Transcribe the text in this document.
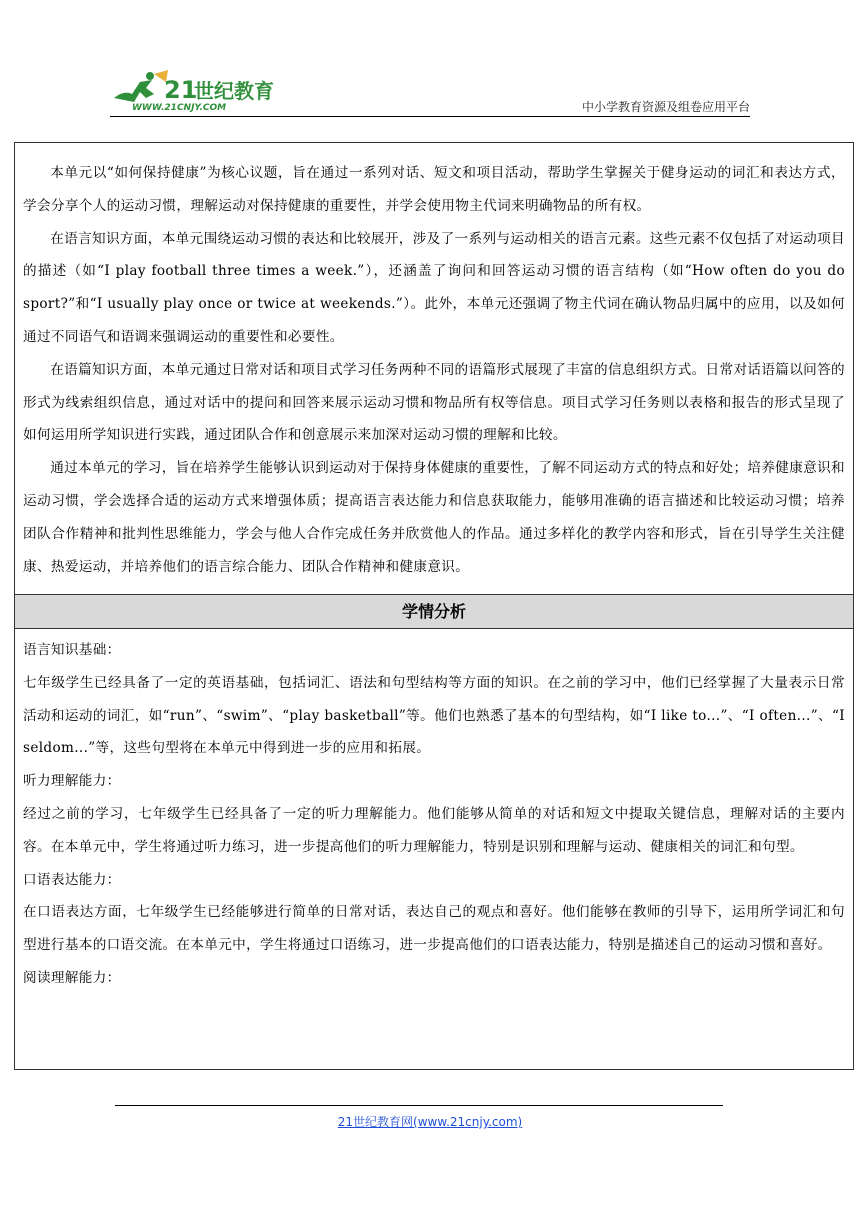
21
世纪教育
WWW.21CNJY.COM	中小学教育资源及组卷应用平台

本单元以“如何保持健康”为核心议题，旨在通过一系列对话、短文和项目活动，帮助学生掌握关于健身运动的词汇和表达方式，学会分享个人的运动习惯，理解运动对保持健康的重要性，并学会使用物主代词来明确物品的所有权。

在语言知识方面，本单元围绕运动习惯的表达和比较展开，涉及了一系列与运动相关的语言元素。这些元素不仅包括了对运动项目的描述（如“I play football three times a week.”），还涵盖了询问和回答运动习惯的语言结构（如“How often do you do sport?”和“I usually play once or twice at weekends.”）。此外，本单元还强调了物主代词在确认物品归属中的应用，以及如何通过不同语气和语调来强调运动的重要性和必要性。

在语篇知识方面，本单元通过日常对话和项目式学习任务两种不同的语篇形式展现了丰富的信息组织方式。日常对话语篇以问答的形式为线索组织信息，通过对话中的提问和回答来展示运动习惯和物品所有权等信息。项目式学习任务则以表格和报告的形式呈现了如何运用所学知识进行实践，通过团队合作和创意展示来加深对运动习惯的理解和比较。

通过本单元的学习，旨在培养学生能够认识到运动对于保持身体健康的重要性，了解不同运动方式的特点和好处；培养健康意识和运动习惯，学会选择合适的运动方式来增强体质；提高语言表达能力和信息获取能力，能够用准确的语言描述和比较运动习惯；培养团队合作精神和批判性思维能力，学会与他人合作完成任务并欣赏他人的作品。通过多样化的教学内容和形式，旨在引导学生关注健康、热爱运动，并培养他们的语言综合能力、团队合作精神和健康意识。

学情分析

语言知识基础：

七年级学生已经具备了一定的英语基础，包括词汇、语法和句型结构等方面的知识。在之前的学习中，他们已经掌握了大量表示日常活动和运动的词汇，如“run”、“swim”、“play basketball”等。他们也熟悉了基本的句型结构，如“I like to...”、“I often...”、“I seldom...”等，这些句型将在本单元中得到进一步的应用和拓展。

听力理解能力：

经过之前的学习，七年级学生已经具备了一定的听力理解能力。他们能够从简单的对话和短文中提取关键信息，理解对话的主要内容。在本单元中，学生将通过听力练习，进一步提高他们的听力理解能力，特别是识别和理解与运动、健康相关的词汇和句型。

口语表达能力：

在口语表达方面，七年级学生已经能够进行简单的日常对话，表达自己的观点和喜好。他们能够在教师的引导下，运用所学词汇和句型进行基本的口语交流。在本单元中，学生将通过口语练习，进一步提高他们的口语表达能力，特别是描述自己的运动习惯和喜好。

阅读理解能力：

21世纪教育网(www.21cnjy.com)
